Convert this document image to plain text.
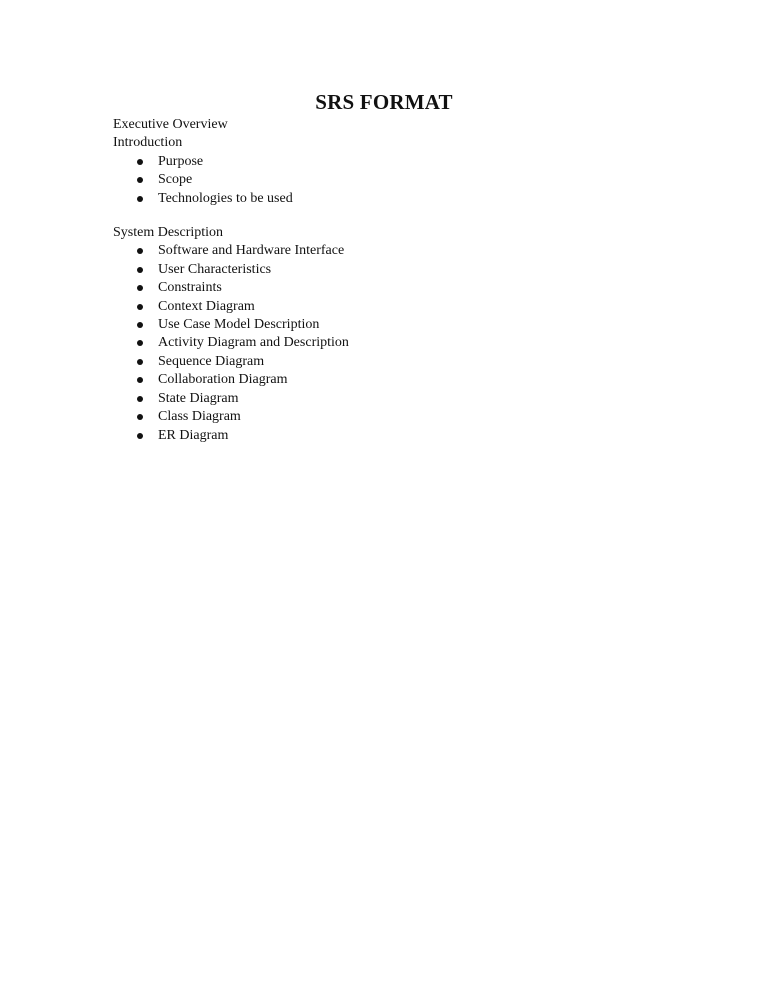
SRS FORMAT
Executive Overview
Introduction
Purpose
Scope
Technologies to be used
System Description
Software and Hardware Interface
User Characteristics
Constraints
Context Diagram
Use Case Model Description
Activity Diagram and Description
Sequence Diagram
Collaboration Diagram
State Diagram
Class Diagram
ER Diagram
